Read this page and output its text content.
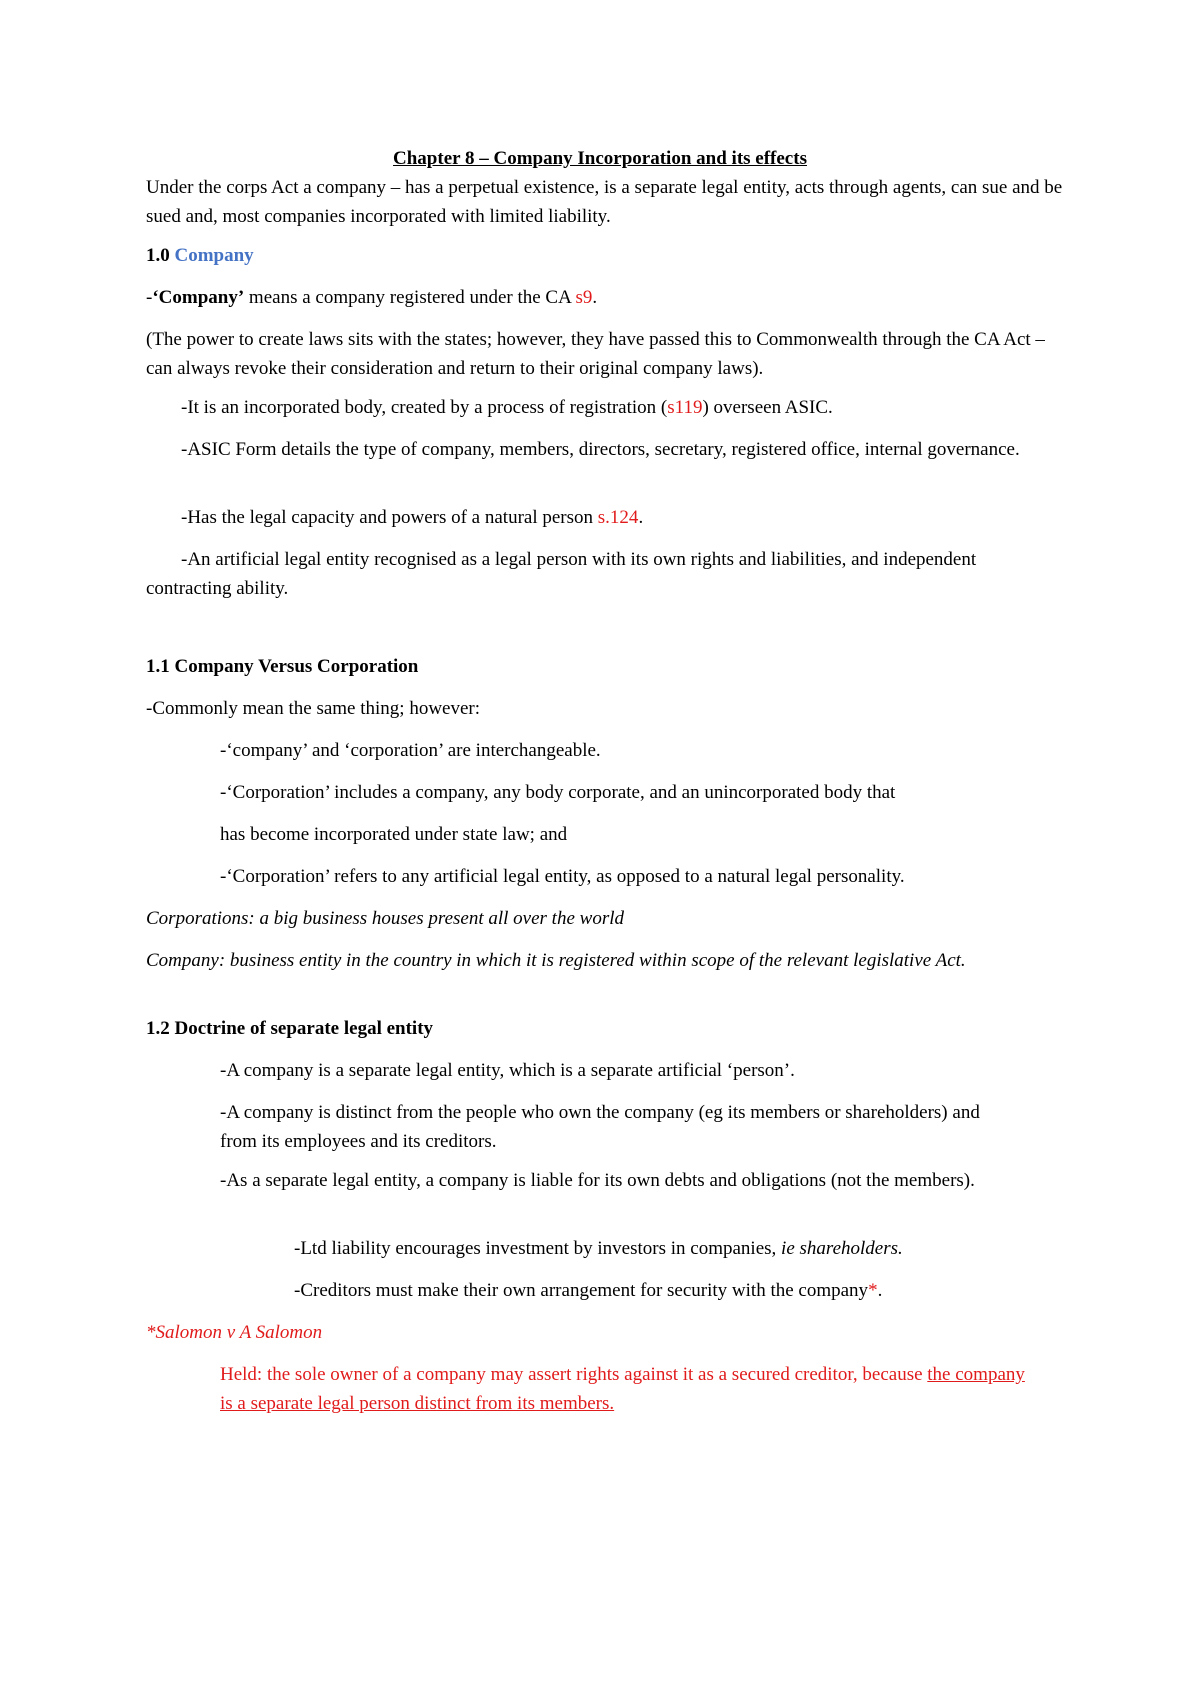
Chapter 8 – Company Incorporation and its effects

Under the corps Act a company – has a perpetual existence, is a separate legal entity, acts through agents, can sue and be sued and, most companies incorporated with limited liability.

1.0 Company

-‘Company’ means a company registered under the CA s9.

(The power to create laws sits with the states; however, they have passed this to Commonwealth through the CA Act – can always revoke their consideration and return to their original company laws).

-It is an incorporated body, created by a process of registration (s119) overseen ASIC.

-ASIC Form details the type of company, members, directors, secretary, registered office, internal governance.

-Has the legal capacity and powers of a natural person s.124.

-An artificial legal entity recognised as a legal person with its own rights and liabilities, and independent contracting ability.

1.1 Company Versus Corporation

-Commonly mean the same thing; however:

-‘company’ and ‘corporation’ are interchangeable.

-‘Corporation’ includes a company, any body corporate, and an unincorporated body that

has become incorporated under state law; and

-‘Corporation’ refers to any artificial legal entity, as opposed to a natural legal personality.

Corporations: a big business houses present all over the world

Company: business entity in the country in which it is registered within scope of the relevant legislative Act.

1.2 Doctrine of separate legal entity

-A company is a separate legal entity, which is a separate artificial ‘person’.

-A company is distinct from the people who own the company (eg its members or shareholders) and from its employees and its creditors.

-As a separate legal entity, a company is liable for its own debts and obligations (not the members).

-Ltd liability encourages investment by investors in companies, ie shareholders.

-Creditors must make their own arrangement for security with the company*.

*Salomon v A Salomon

Held: the sole owner of a company may assert rights against it as a secured creditor, because the company is a separate legal person distinct from its members.
